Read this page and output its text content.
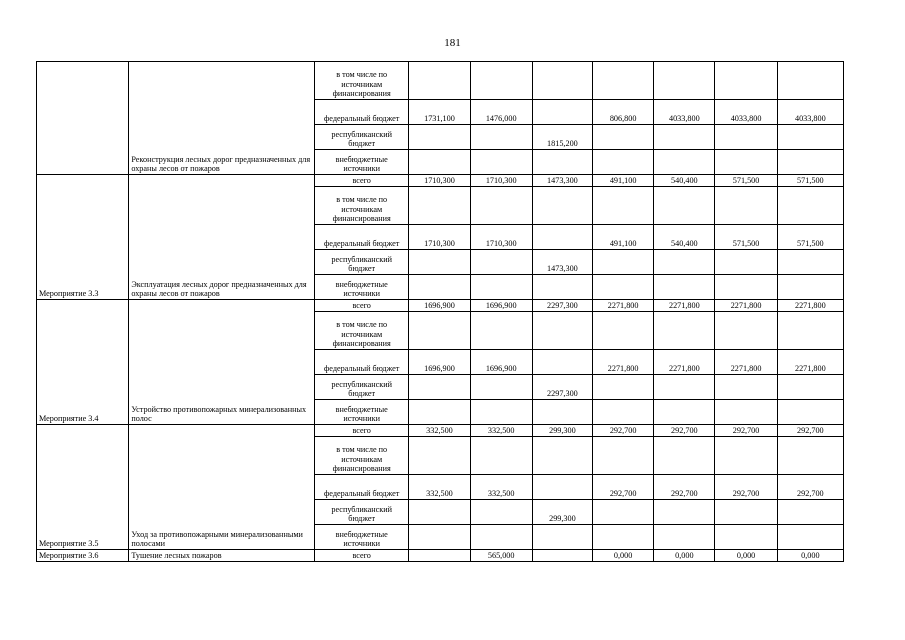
181
	Реконструкция лесных дорог предназначенных для охраны лесов от пожаров	в том числе по источникам финансирования							
		федеральный бюджет	1731,100	1476,000		806,800	4033,800	4033,800	4033,800
		республиканский бюджет			1815,200				
		внебюджетные источники							
Мероприятие 3.3	Эксплуатация лесных дорог предназначенных для охраны лесов от пожаров	всего	1710,300	1710,300	1473,300	491,100	540,400	571,500	571,500
		в том числе по источникам финансирования							
		федеральный бюджет	1710,300	1710,300		491,100	540,400	571,500	571,500
		республиканский бюджет			1473,300				
		внебюджетные источники							
Мероприятие 3.4	Устройство противопожарных минерализованных полос	всего	1696,900	1696,900	2297,300	2271,800	2271,800	2271,800	2271,800
		в том числе по источникам финансирования							
		федеральный бюджет	1696,900	1696,900		2271,800	2271,800	2271,800	2271,800
		республиканский бюджет			2297,300				
		внебюджетные источники							
Мероприятие 3.5	Уход за противопожарными минерализованными полосами	всего	332,500	332,500	299,300	292,700	292,700	292,700	292,700
		в том числе по источникам финансирования							
		федеральный бюджет	332,500	332,500		292,700	292,700	292,700	292,700
		республиканский бюджет			299,300				
		внебюджетные источники							
Мероприятие 3.6	Тушение лесных пожаров	всего		565,000		0,000	0,000	0,000	0,000
